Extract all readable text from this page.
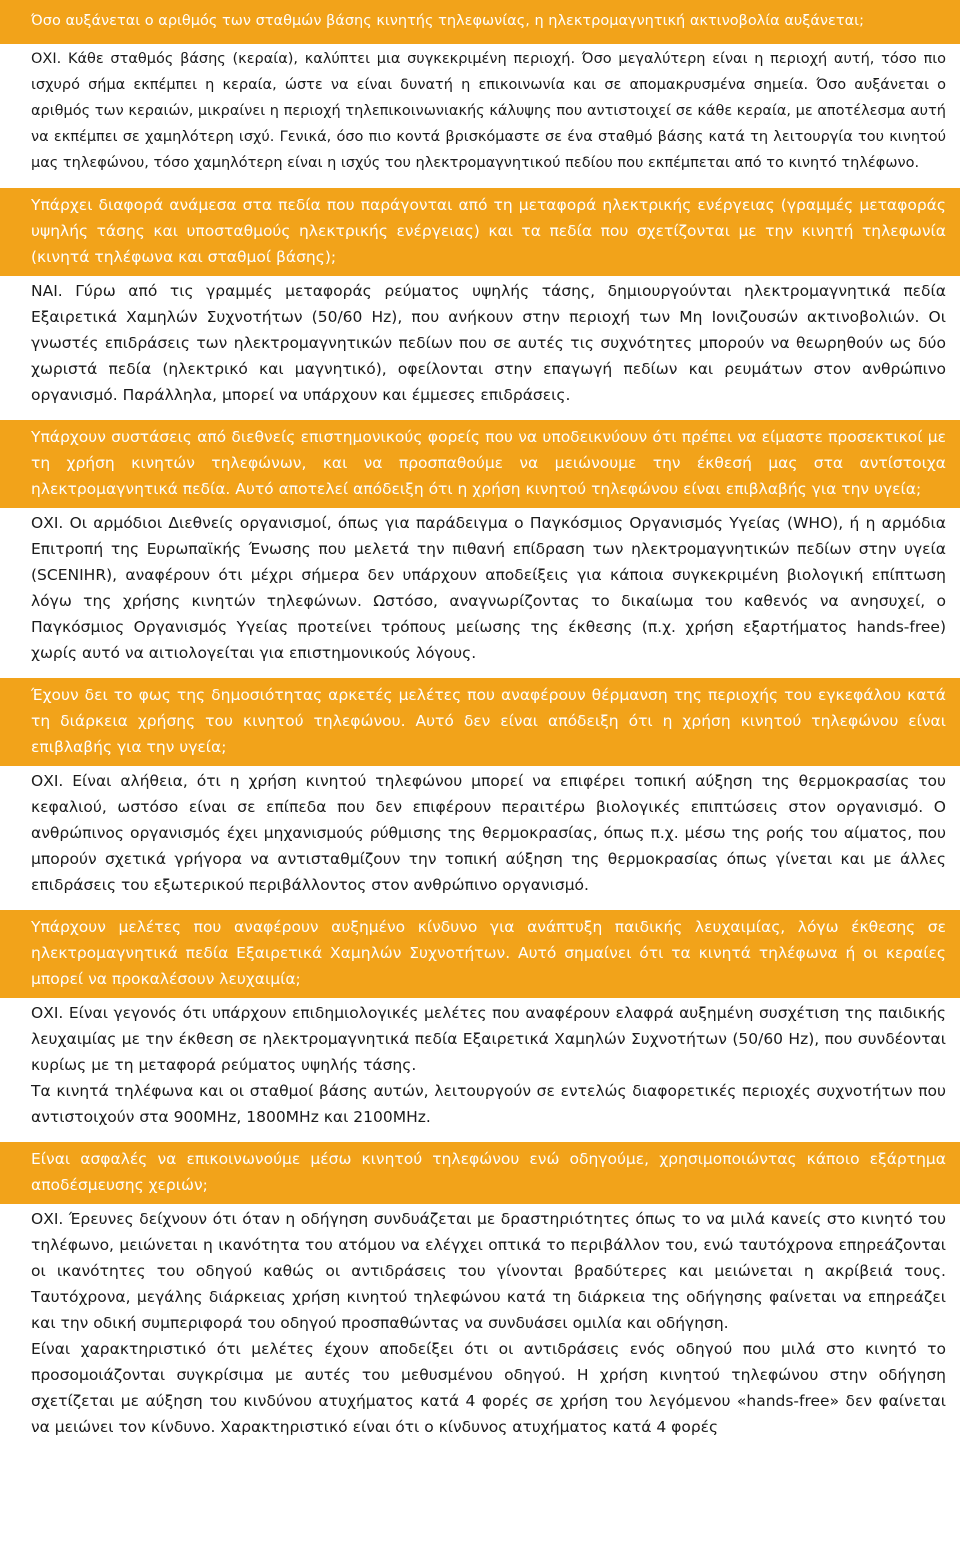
Όσο αυξάνεται ο αριθμός των σταθμών βάσης κινητής τηλεφωνίας, η ηλεκτρομαγνητική ακτινοβολία αυξάνεται;

ΟΧΙ. Κάθε σταθμός βάσης (κεραία), καλύπτει μια συγκεκριμένη περιοχή. Όσο μεγαλύτερη είναι η περιοχή αυτή, τόσο πιο ισχυρό σήμα εκπέμπει η κεραία, ώστε να είναι δυνατή η επικοινωνία και σε απομακρυσμένα σημεία. Όσο αυξάνεται ο αριθμός των κεραιών, μικραίνει η περιοχή τηλεπικοινωνιακής κάλυψης που αντιστοιχεί σε κάθε κεραία, με αποτέλεσμα αυτή να εκπέμπει σε χαμηλότερη ισχύ. Γενικά, όσο πιο κοντά βρισκόμαστε σε ένα σταθμό βάσης κατά τη λειτουργία του κινητού μας τηλεφώνου, τόσο χαμηλότερη είναι η ισχύς του ηλεκτρομαγνητικού πεδίου που εκπέμπεται από το κινητό τηλέφωνο.

Υπάρχει διαφορά ανάμεσα στα πεδία που παράγονται από τη μεταφορά ηλεκτρικής ενέργειας (γραμμές μεταφοράς υψηλής τάσης και υποσταθμούς ηλεκτρικής ενέργειας) και τα πεδία που σχετίζονται με την κινητή τηλεφωνία (κινητά τηλέφωνα και σταθμοί βάσης);

ΝΑΙ. Γύρω από τις γραμμές μεταφοράς ρεύματος υψηλής τάσης, δημιουργούνται ηλεκτρομαγνητικά πεδία Εξαιρετικά Χαμηλών Συχνοτήτων (50/60 Hz), που ανήκουν στην περιοχή των Μη Ιονιζουσών ακτινοβολιών. Οι γνωστές επιδράσεις των ηλεκτρομαγνητικών πεδίων που σε αυτές τις συχνότητες μπορούν να θεωρηθούν ως δύο χωριστά πεδία (ηλεκτρικό και μαγνητικό), οφείλονται στην επαγωγή πεδίων και ρευμάτων στον ανθρώπινο οργανισμό. Παράλληλα, μπορεί να υπάρχουν και έμμεσες επιδράσεις.

Υπάρχουν συστάσεις από διεθνείς επιστημονικούς φορείς που να υποδεικνύουν ότι πρέπει να είμαστε προσεκτικοί με τη χρήση κινητών τηλεφώνων, και να προσπαθούμε να μειώνουμε την έκθεσή μας στα αντίστοιχα ηλεκτρομαγνητικά πεδία. Αυτό αποτελεί απόδειξη ότι η χρήση κινητού τηλεφώνου είναι επιβλαβής για την υγεία;

ΟΧΙ. Οι αρμόδιοι Διεθνείς οργανισμοί, όπως για παράδειγμα ο Παγκόσμιος Οργανισμός Υγείας (WHO), ή η αρμόδια Επιτροπή της Ευρωπαϊκής Ένωσης που μελετά την πιθανή επίδραση των ηλεκτρομαγνητικών πεδίων στην υγεία (SCENIHR), αναφέρουν ότι μέχρι σήμερα δεν υπάρχουν αποδείξεις για κάποια συγκεκριμένη βιολογική επίπτωση λόγω της χρήσης κινητών τηλεφώνων. Ωστόσο, αναγνωρίζοντας το δικαίωμα του καθενός να ανησυχεί, ο Παγκόσμιος Οργανισμός Υγείας προτείνει τρόπους μείωσης της έκθεσης (π.χ. χρήση εξαρτήματος hands-free) χωρίς αυτό να αιτιολογείται για επιστημονικούς λόγους.

Έχουν δει το φως της δημοσιότητας αρκετές μελέτες που αναφέρουν θέρμανση της περιοχής του εγκεφάλου κατά τη διάρκεια χρήσης του κινητού τηλεφώνου. Αυτό δεν είναι απόδειξη ότι η χρήση κινητού τηλεφώνου είναι επιβλαβής για την υγεία;

ΟΧΙ. Είναι αλήθεια, ότι η χρήση κινητού τηλεφώνου μπορεί να επιφέρει τοπική αύξηση της θερμοκρασίας του κεφαλιού, ωστόσο είναι σε επίπεδα που δεν επιφέρουν περαιτέρω βιολογικές επιπτώσεις στον οργανισμό. Ο ανθρώπινος οργανισμός έχει μηχανισμούς ρύθμισης της θερμοκρασίας, όπως π.χ. μέσω της ροής του αίματος, που μπορούν σχετικά γρήγορα να αντισταθμίζουν την τοπική αύξηση της θερμοκρασίας όπως γίνεται και με άλλες επιδράσεις του εξωτερικού περιβάλλοντος στον ανθρώπινο οργανισμό.

Υπάρχουν μελέτες που αναφέρουν αυξημένο κίνδυνο για ανάπτυξη παιδικής λευχαιμίας, λόγω έκθεσης σε ηλεκτρομαγνητικά πεδία Εξαιρετικά Χαμηλών Συχνοτήτων. Αυτό σημαίνει ότι τα κινητά τηλέφωνα ή οι κεραίες μπορεί να προκαλέσουν λευχαιμία;

ΟΧΙ. Είναι γεγονός ότι υπάρχουν επιδημιολογικές μελέτες που αναφέρουν ελαφρά αυξημένη συσχέτιση της παιδικής λευχαιμίας με την έκθεση σε ηλεκτρομαγνητικά πεδία Εξαιρετικά Χαμηλών Συχνοτήτων (50/60 Hz), που συνδέονται κυρίως με τη μεταφορά ρεύματος υψηλής τάσης.

Τα κινητά τηλέφωνα και οι σταθμοί βάσης αυτών, λειτουργούν σε εντελώς διαφορετικές περιοχές συχνοτήτων που αντιστοιχούν στα 900MHz, 1800MHz και 2100MHz.

Είναι ασφαλές να επικοινωνούμε μέσω κινητού τηλεφώνου ενώ οδηγούμε, χρησιμοποιώντας κάποιο εξάρτημα αποδέσμευσης χεριών;

ΟΧΙ. Έρευνες δείχνουν ότι όταν η οδήγηση συνδυάζεται με δραστηριότητες όπως το να μιλά κανείς στο κινητό του τηλέφωνο, μειώνεται η ικανότητα του ατόμου να ελέγχει οπτικά το περιβάλλον του, ενώ ταυτόχρονα επηρεάζονται οι ικανότητες του οδηγού καθώς οι αντιδράσεις του γίνονται βραδύτερες και μειώνεται η ακρίβειά τους. Ταυτόχρονα, μεγάλης διάρκειας χρήση κινητού τηλεφώνου κατά τη διάρκεια της οδήγησης φαίνεται να επηρεάζει και την οδική συμπεριφορά του οδηγού προσπαθώντας να συνδυάσει ομιλία και οδήγηση.

Είναι χαρακτηριστικό ότι μελέτες έχουν αποδείξει ότι οι αντιδράσεις ενός οδηγού που μιλά στο κινητό το προσομοιάζονται συγκρίσιμα με αυτές του μεθυσμένου οδηγού. Η χρήση κινητού τηλεφώνου στην οδήγηση σχετίζεται με αύξηση του κινδύνου ατυχήματος κατά 4 φορές σε χρήση του λεγόμενου «hands-free» δεν φαίνεται να μειώνει τον κίνδυνο. Χαρακτηριστικό είναι ότι ο κίνδυνος ατυχήματος κατά 4 φορές
